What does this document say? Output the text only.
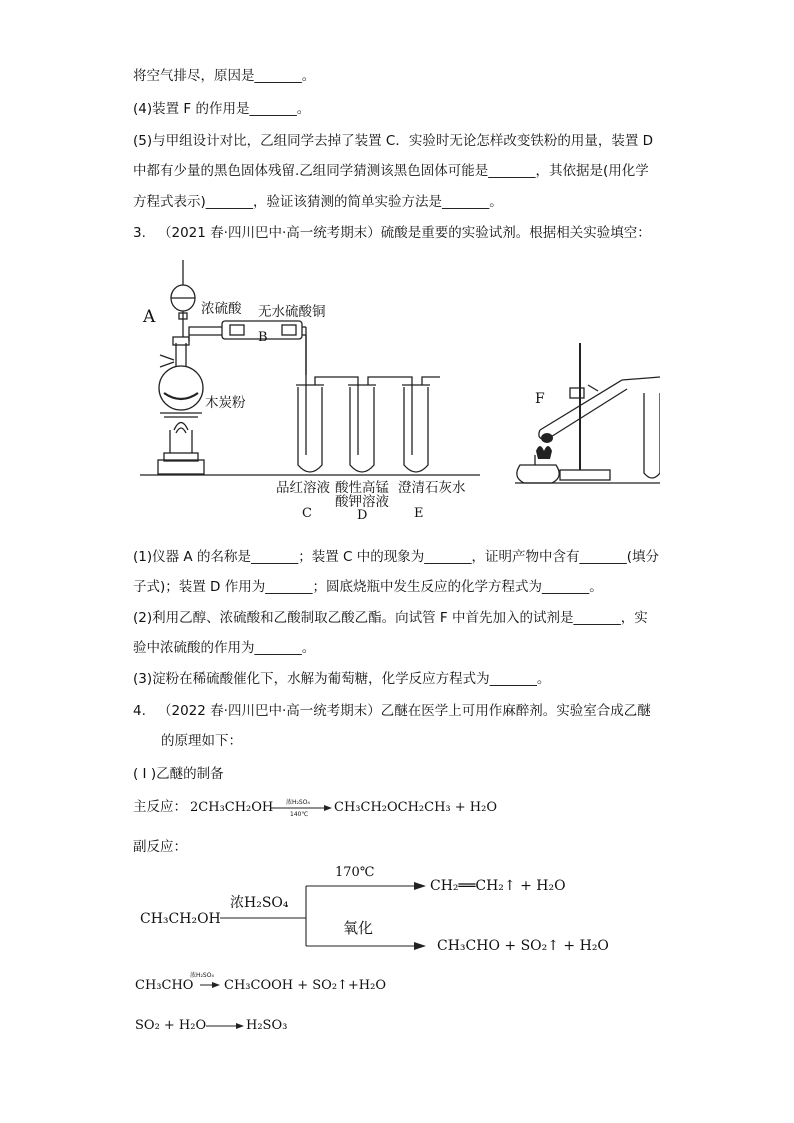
将空气排尽，原因是_______。
(4)装置 F 的作用是_______。
(5)与甲组设计对比，乙组同学去掉了装置 C．实验时无论怎样改变铁粉的用量，装置 D
中都有少量的黑色固体残留.乙组同学猜测该黑色固体可能是_______，其依据是(用化学
方程式表示)_______，验证该猜测的简单实验方法是_______。
3. （2021 春·四川巴中·高一统考期末）硫酸是重要的实验试剂。根据相关实验填空：
A	浓硫酸 无水硫酸铜
B
木炭粉	F
品红溶液 酸性高锰
酸钾溶液
澄清石灰水
C	D	E
(1)仪器 A 的名称是_______；装置 C 中的现象为_______，证明产物中含有_______(填分
子式)；装置 D 作用为_______；圆底烧瓶中发生反应的化学方程式为_______。
(2)利用乙醇、浓硫酸和乙酸制取乙酸乙酯。向试管 F 中首先加入的试剂是_______，实
验中浓硫酸的作用为_______。
(3)淀粉在稀硫酸催化下，水解为葡萄糖，化学反应方程式为_______。
4. （2022 春·四川巴中·高一统考期末）乙醚在医学上可用作麻醉剂。实验室合成乙醚
的原理如下：
( I )乙醚的制备
主反应： 2CH₃CH₂OH 浓H₂SO₄
140℃ CH₃CH₂OCH₂CH₃ + H₂O
副反应：
CH₃CH₂OH
浓H₂SO₄
170℃
CH₂══CH₂↑ + H₂O
氧化
CH₃CHO + SO₂↑ + H₂O
CH₃CHO
浓H₂SO₄
CH₃COOH + SO₂↑+H₂O
SO₂ + H₂O	H₂SO₃
